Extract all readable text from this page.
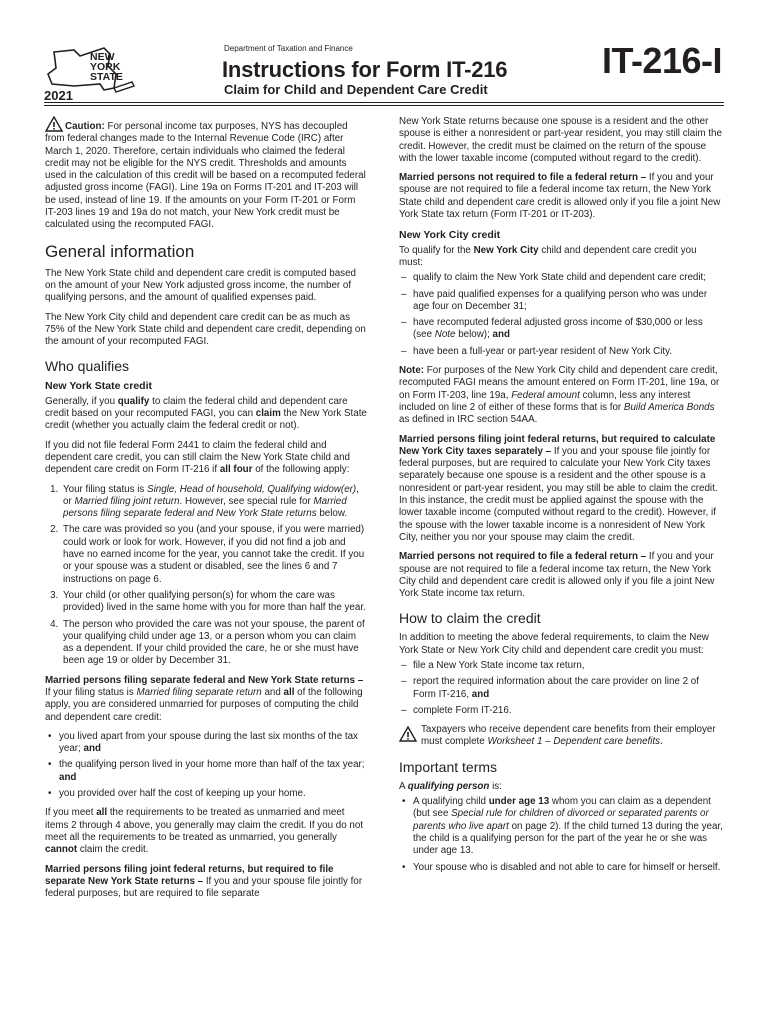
NEW
YORK
STATE
2021
Department of Taxation and Finance
Instructions for Form IT-216
Claim for Child and Dependent Care Credit
IT-216-I

Caution: For personal income tax purposes, NYS has decoupled from federal changes made to the Internal Revenue Code (IRC) after March 1, 2020. Therefore, certain individuals who claimed the federal credit may not be eligible for the NYS credit. Thresholds and amounts used in the calculation of this credit will be based on a recomputed federal adjusted gross income (FAGI). Line 19a on Forms IT-201 and IT-203 will be used, instead of line 19. If the amounts on your Form IT-201 or Form IT-203 lines 19 and 19a do not match, your New York credit must be calculated using the recomputed FAGI.

General information

The New York State child and dependent care credit is computed based on the amount of your New York adjusted gross income, the number of qualifying persons, and the amount of qualified expenses paid.

The New York City child and dependent care credit can be as much as 75% of the New York State child and dependent care credit, depending on the amount of your recomputed FAGI.

Who qualifies
New York State credit

Generally, if you qualify to claim the federal child and dependent care credit based on your recomputed FAGI, you can claim the New York State credit (whether you actually claim the federal credit or not).

If you did not file federal Form 2441 to claim the federal child and dependent care credit, you can still claim the New York State child and dependent care credit on Form IT-216 if all four of the following apply:

1. Your filing status is Single, Head of household, Qualifying widow(er), or Married filing joint return. However, see special rule for Married persons filing separate federal and New York State returns below.
2. The care was provided so you (and your spouse, if you were married) could work or look for work. However, if you did not find a job and have no earned income for the year, you cannot take the credit. If you or your spouse was a student or disabled, see the lines 6 and 7 instructions on page 6.
3. Your child (or other qualifying person(s) for whom the care was provided) lived in the same home with you for more than half the year.
4. The person who provided the care was not your spouse, the parent of your qualifying child under age 13, or a person whom you can claim as a dependent. If your child provided the care, he or she must have been age 19 or older by December 31.

Married persons filing separate federal and New York State returns – If your filing status is Married filing separate return and all of the following apply, you are considered unmarried for purposes of computing the child and dependent care credit:

• you lived apart from your spouse during the last six months of the tax year; and
• the qualifying person lived in your home more than half of the tax year; and
• you provided over half the cost of keeping up your home.

If you meet all the requirements to be treated as unmarried and meet items 2 through 4 above, you generally may claim the credit. If you do not meet all the requirements to be treated as unmarried, you generally cannot claim the credit.

Married persons filing joint federal returns, but required to file separate New York State returns – If you and your spouse file jointly for federal purposes, but are required to file separate

New York State returns because one spouse is a resident and the other spouse is either a nonresident or part-year resident, you may still claim the credit. However, the credit must be claimed on the return of the spouse with the lower taxable income (computed without regard to the credit).

Married persons not required to file a federal return – If you and your spouse are not required to file a federal income tax return, the New York State child and dependent care credit is allowed only if you file a joint New York State tax return (Form IT-201 or IT-203).

New York City credit

To qualify for the New York City child and dependent care credit you must:

– qualify to claim the New York State child and dependent care credit;
– have paid qualified expenses for a qualifying person who was under age four on December 31;
– have recomputed federal adjusted gross income of $30,000 or less (see Note below); and
– have been a full-year or part-year resident of New York City.

Note: For purposes of the New York City child and dependent care credit, recomputed FAGI means the amount entered on Form IT-201, line 19a, or on Form IT-203, line 19a, Federal amount column, less any interest included on line 2 of either of these forms that is for Build America Bonds as defined in IRC section 54AA.

Married persons filing joint federal returns, but required to calculate New York City taxes separately – If you and your spouse file jointly for federal purposes, but are required to calculate your New York City taxes separately because one spouse is a resident and the other spouse is a nonresident or part-year resident, you may still be able to claim the credit. In this instance, the credit must be applied against the spouse with the lower taxable income (computed without regard to the credit). However, if the spouse with the lower taxable income is a nonresident of New York City, neither you nor your spouse may claim the credit.

Married persons not required to file a federal return – If you and your spouse are not required to file a federal income tax return, the New York City child and dependent care credit is allowed only if you file a joint New York State income tax return.

How to claim the credit

In addition to meeting the above federal requirements, to claim the New York State or New York City child and dependent care credit you must:

– file a New York State income tax return,
– report the required information about the care provider on line 2 of Form IT-216, and
– complete Form IT-216.
Taxpayers who receive dependent care benefits from their employer must complete Worksheet 1 – Dependent care benefits.
Important terms

A qualifying person is:

• A qualifying child under age 13 whom you can claim as a dependent (but see Special rule for children of divorced or separated parents or parents who live apart on page 2). If the child turned 13 during the year, the child is a qualifying person for the part of the year he or she was under age 13.
• Your spouse who is disabled and not able to care for himself or herself.
